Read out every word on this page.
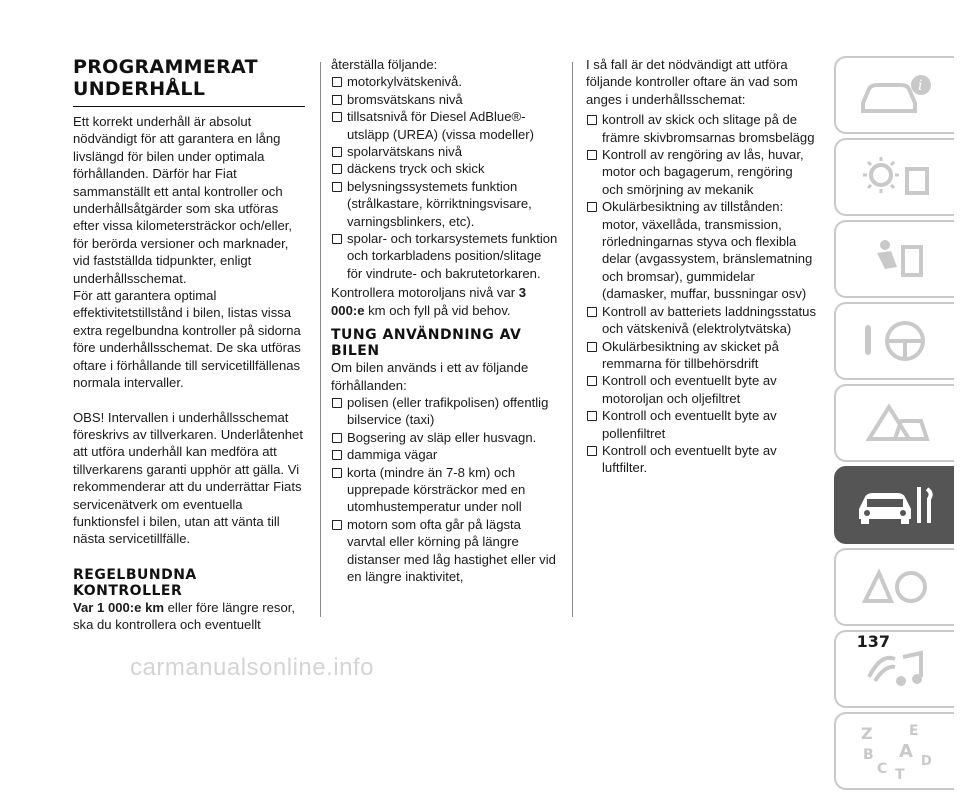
PROGRAMMERAT UNDERHÅLL

Ett korrekt underhåll är absolut nödvändigt för att garantera en lång livslängd för bilen under optimala förhållanden. Därför har Fiat sammanställt ett antal kontroller och underhållsåtgärder som ska utföras efter vissa kilometersträckor och/eller, för berörda versioner och marknader, vid fastställda tidpunkter, enligt underhållsschemat.

För att garantera optimal effektivitetstillstånd i bilen, listas vissa extra regelbundna kontroller på sidorna före underhållsschemat. De ska utföras oftare i förhållande till servicetillfällenas normala intervaller.

OBS! Intervallen i underhållsschemat föreskrivs av tillverkaren. Underlåtenhet att utföra underhåll kan medföra att tillverkarens garanti upphör att gälla. Vi rekommenderar att du underrättar Fiats servicenätverk om eventuella funktionsfel i bilen, utan att vänta till nästa servicetillfälle.

REGELBUNDNA KONTROLLER

Var 1 000:e km eller före längre resor, ska du kontrollera och eventuellt

återställa följande:

motorkylvätskenivå.

bromsvätskans nivå

tillsatsnivå för Diesel AdBlue®-utsläpp (UREA) (vissa modeller)

spolarvätskans nivå

däckens tryck och skick

belysningssystemets funktion (strålkastare, körriktningsvisare, varningsblinkers, etc).

spolar- och torkarsystemets funktion och torkarbladens position/slitage för vindrute- och bakrutetorkaren.

Kontrollera motoroljans nivå var 3 000:e km och fyll på vid behov.

TUNG ANVÄNDNING AV BILEN

Om bilen används i ett av följande förhållanden:

polisen (eller trafikpolisen) offentlig bilservice (taxi)

Bogsering av släp eller husvagn.

dammiga vägar

korta (mindre än 7-8 km) och upprepade körsträckor med en utomhustemperatur under noll

motorn som ofta går på lägsta varvtal eller körning på längre distanser med låg hastighet eller vid en längre inaktivitet,

I så fall är det nödvändigt att utföra följande kontroller oftare än vad som anges i underhållsschemat:

kontroll av skick och slitage på de främre skivbromsarnas bromsbelägg

Kontroll av rengöring av lås, huvar, motor och bagagerum, rengöring och smörjning av mekanik

Okulärbesiktning av tillstånden: motor, växellåda, transmission, rörledningarnas styva och flexibla delar (avgassystem, bränslematning och bromsar), gummidelar (damasker, muffar, bussningar osv)

Kontroll av batteriets laddningsstatus och vätskenivå (elektrolytvätska)

Okulärbesiktning av skicket på remmarna för tillbehörsdrift

Kontroll och eventuellt byte av motoroljan och oljefiltret

Kontroll och eventuellt byte av pollenfiltret

Kontroll och eventuellt byte av luftfilter.

i
Z	E
B A
C	D
T
137
carmanualsonline.info
